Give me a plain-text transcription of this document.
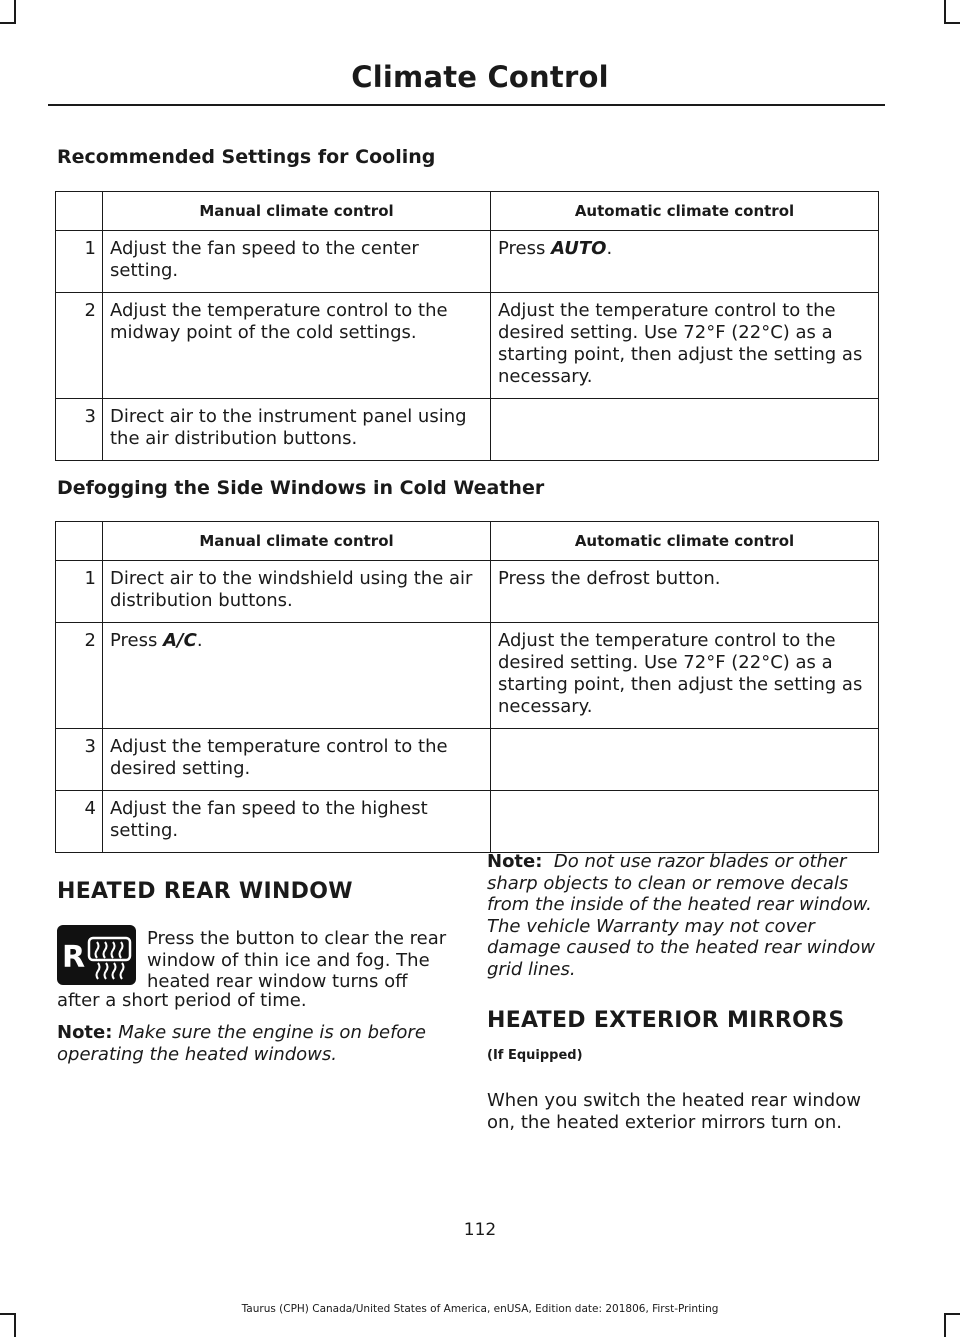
Climate Control
Recommended Settings for Cooling
	Manual climate control	Automatic climate control
1	Adjust the fan speed to the center setting.	Press AUTO.
2	Adjust the temperature control to the midway point of the cold settings.	Adjust the temperature control to the desired setting. Use 72°F (22°C) as a starting point, then adjust the setting as necessary.
3	Direct air to the instrument panel using the air distribution buttons.	
Defogging the Side Windows in Cold Weather
	Manual climate control	Automatic climate control
1	Direct air to the windshield using the air distribution buttons.	Press the defrost button.
2	Press A/C.	Adjust the temperature control to the desired setting. Use 72°F (22°C) as a starting point, then adjust the setting as necessary.
3	Adjust the temperature control to the desired setting.	
4	Adjust the fan speed to the highest setting.	
HEATED REAR WINDOW
R
Press the button to clear the rear
window of thin ice and fog. The
heated rear window turns off
after a short period of time.
Note: Make sure the engine is on before operating the heated windows.
Note: Do not use razor blades or other sharp objects to clean or remove decals from the inside of the heated rear window. The vehicle Warranty may not cover damage caused to the heated rear window grid lines.
HEATED EXTERIOR MIRRORS
(If Equipped)
When you switch the heated rear window on, the heated exterior mirrors turn on.
112
Taurus (CPH) Canada/United States of America, enUSA, Edition date: 201806, First-Printing
